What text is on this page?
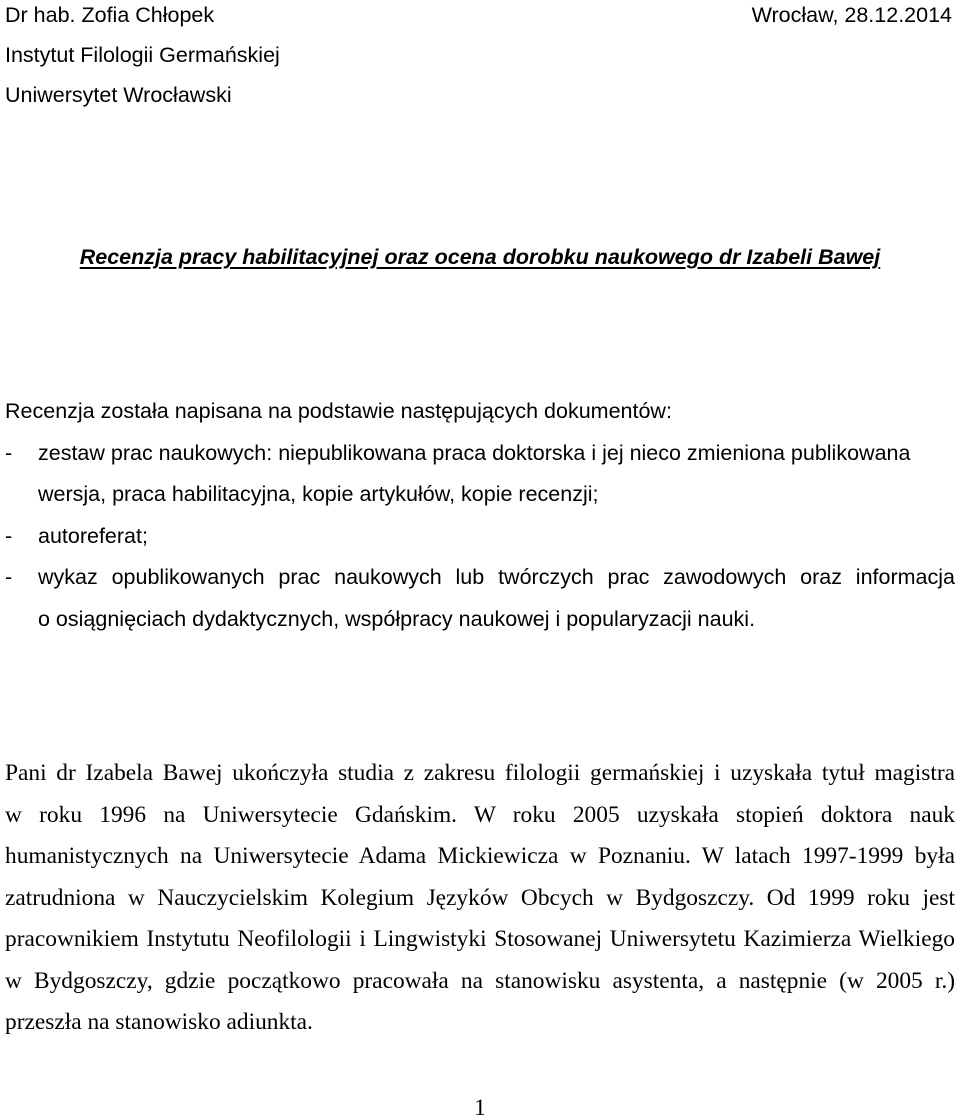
Dr hab. Zofia Chłopek	Wrocław, 28.12.2014
Instytut Filologii Germańskiej
Uniwersytet Wrocławski
Recenzja pracy habilitacyjnej oraz ocena dorobku naukowego dr Izabeli Bawej
Recenzja została napisana na podstawie następujących dokumentów:
-	zestaw prac naukowych: niepublikowana praca doktorska i jej nieco zmieniona publikowana
wersja, praca habilitacyjna, kopie artykułów, kopie recenzji;
-	autoreferat;
-	wykaz opublikowanych prac naukowych lub twórczych prac zawodowych oraz informacja
o osiągnięciach dydaktycznych, współpracy naukowej i popularyzacji nauki.
Pani dr Izabela Bawej ukończyła studia z zakresu filologii germańskiej i uzyskała tytuł magistra
w roku 1996 na Uniwersytecie Gdańskim. W roku 2005 uzyskała stopień doktora nauk
humanistycznych na Uniwersytecie Adama Mickiewicza w Poznaniu. W latach 1997-1999 była
zatrudniona w Nauczycielskim Kolegium Języków Obcych w Bydgoszczy. Od 1999 roku jest
pracownikiem Instytutu Neofilologii i Lingwistyki Stosowanej Uniwersytetu Kazimierza Wielkiego
w Bydgoszczy, gdzie początkowo pracowała na stanowisku asystenta, a następnie (w 2005 r.)
przeszła na stanowisko adiunkta.
1
